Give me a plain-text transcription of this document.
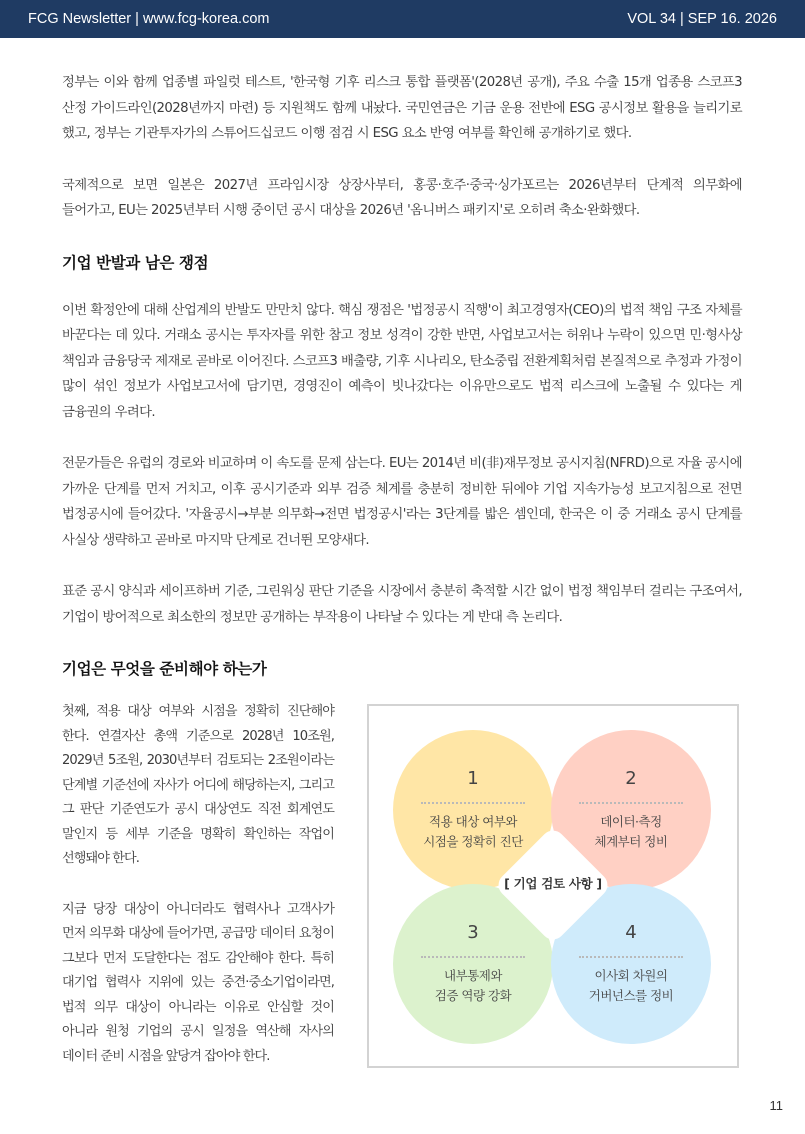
FCG Newsletter | www.fcg-korea.com	VOL 34 | SEP 16. 2026

정부는 이와 함께 업종별 파일럿 테스트, '한국형 기후 리스크 통합 플랫폼'(2028년 공개), 주요 수출 15개 업종용 스코프3 산정 가이드라인(2028년까지 마련) 등 지원책도 함께 내놨다. 국민연금은 기금 운용 전반에 ESG 공시정보 활용을 늘리기로 했고, 정부는 기관투자가의 스튜어드십코드 이행 점검 시 ESG 요소 반영 여부를 확인해 공개하기로 했다.

국제적으로 보면 일본은 2027년 프라임시장 상장사부터, 홍콩·호주·중국·싱가포르는 2026년부터 단계적 의무화에 들어가고, EU는 2025년부터 시행 중이던 공시 대상을 2026년 '옴니버스 패키지'로 오히려 축소·완화했다.

기업 반발과 남은 쟁점

이번 확정안에 대해 산업계의 반발도 만만치 않다. 핵심 쟁점은 '법정공시 직행'이 최고경영자(CEO)의 법적 책임 구조 자체를 바꾼다는 데 있다. 거래소 공시는 투자자를 위한 참고 정보 성격이 강한 반면, 사업보고서는 허위나 누락이 있으면 민·형사상 책임과 금융당국 제재로 곧바로 이어진다. 스코프3 배출량, 기후 시나리오, 탄소중립 전환계획처럼 본질적으로 추정과 가정이 많이 섞인 정보가 사업보고서에 담기면, 경영진이 예측이 빗나갔다는 이유만으로도 법적 리스크에 노출될 수 있다는 게 금융권의 우려다.

전문가들은 유럽의 경로와 비교하며 이 속도를 문제 삼는다. EU는 2014년 비(非)재무정보 공시지침(NFRD)으로 자율 공시에 가까운 단계를 먼저 거치고, 이후 공시기준과 외부 검증 체계를 충분히 정비한 뒤에야 기업 지속가능성 보고지침으로 전면 법정공시에 들어갔다. '자율공시→부분 의무화→전면 법정공시'라는 3단계를 밟은 셈인데, 한국은 이 중 거래소 공시 단계를 사실상 생략하고 곧바로 마지막 단계로 건너뛴 모양새다.

표준 공시 양식과 세이프하버 기준, 그린워싱 판단 기준을 시장에서 충분히 축적할 시간 없이 법정 책임부터 걸리는 구조여서, 기업이 방어적으로 최소한의 정보만 공개하는 부작용이 나타날 수 있다는 게 반대 측 논리다.

기업은 무엇을 준비해야 하는가

첫째, 적용 대상 여부와 시점을 정확히 진단해야 한다. 연결자산 총액 기준으로 2028년 10조원, 2029년 5조원, 2030년부터 검토되는 2조원이라는 단계별 기준선에 자사가 어디에 해당하는지, 그리고 그 판단 기준연도가 공시 대상연도 직전 회계연도 말인지 등 세부 기준을 명확히 확인하는 작업이 선행돼야 한다.

지금 당장 대상이 아니더라도 협력사나 고객사가 먼저 의무화 대상에 들어가면, 공급망 데이터 요청이 그보다 먼저 도달한다는 점도 감안해야 한다. 특히 대기업 협력사 지위에 있는 중견·중소기업이라면, 법적 의무 대상이 아니라는 이유로 안심할 것이 아니라 원청 기업의 공시 일정을 역산해 자사의 데이터 준비 시점을 앞당겨 잡아야 한다.

1
적용 대상 여부와
시점을 정확히 진단
2
데이터·측정
체계부터 정비
3
내부통제와
검증 역량 강화
4
이사회 차원의
거버넌스를 정비
[ 기업 검토 사항 ]
11
